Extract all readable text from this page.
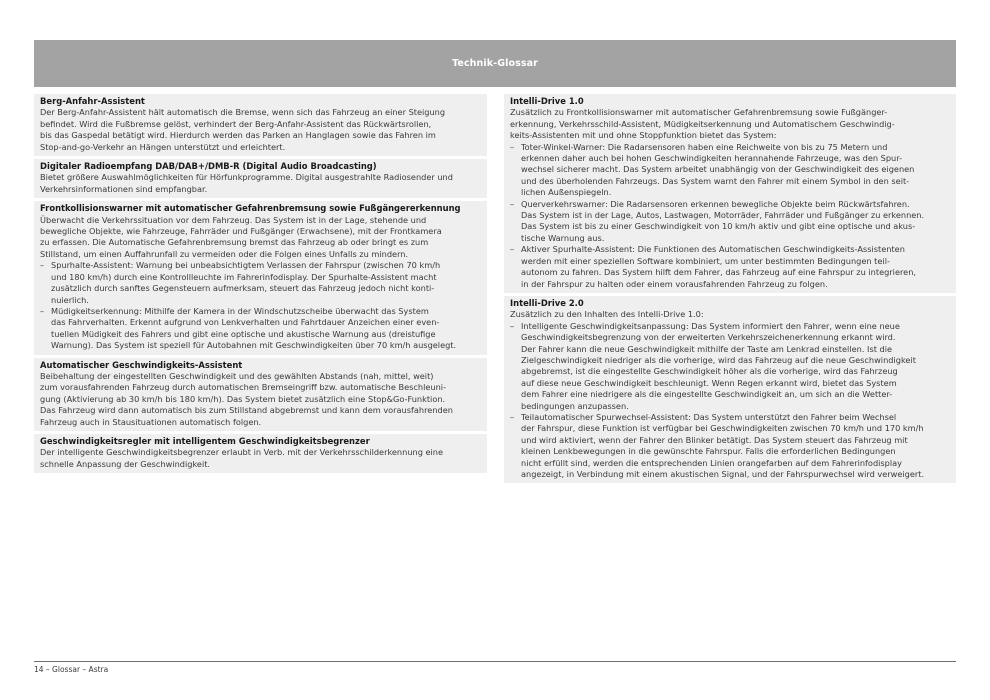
Technik-Glossar
Berg-Anfahr-Assistent
Der Berg-Anfahr-Assistent hält automatisch die Bremse, wenn sich das Fahrzeug an einer Steigung
befindet. Wird die Fußbremse gelöst, verhindert der Berg-Anfahr-Assistent das Rückwärtsrollen,
bis das Gaspedal betätigt wird. Hierdurch werden das Parken an Hanglagen sowie das Fahren im
Stop-and-go-Verkehr an Hängen unterstützt und erleichtert.
Digitaler Radioempfang DAB/DAB+/DMB-R (Digital Audio Broadcasting)
Bietet größere Auswahlmöglichkeiten für Hörfunkprogramme. Digital ausgestrahlte Radiosender und
Verkehrsinformationen sind empfangbar.
Frontkollisionswarner mit automatischer Gefahrenbremsung sowie Fußgängererkennung
Überwacht die Verkehrssituation vor dem Fahrzeug. Das System ist in der Lage, stehende und
bewegliche Objekte, wie Fahrzeuge, Fahrräder und Fußgänger (Erwachsene), mit der Frontkamera
zu erfassen. Die Automatische Gefahrenbremsung bremst das Fahrzeug ab oder bringt es zum
Stillstand, um einen Auffahrunfall zu vermeiden oder die Folgen eines Unfalls zu mindern.
– Spurhalte-Assistent: Warnung bei unbeabsichtigtem Verlassen der Fahrspur (zwischen 70 km/h
und 180 km/h) durch eine Kontrollleuchte im Fahrerinfodisplay. Der Spurhalte-Assistent macht
zusätzlich durch sanftes Gegensteuern aufmerksam, steuert das Fahrzeug jedoch nicht konti-
nuierlich.
– Müdigkeitserkennung: Mithilfe der Kamera in der Windschutzscheibe überwacht das System
das Fahrverhalten. Erkennt aufgrund von Lenkverhalten und Fahrtdauer Anzeichen einer even-
tuellen Müdigkeit des Fahrers und gibt eine optische und akustische Warnung aus (dreistufige
Warnung). Das System ist speziell für Autobahnen mit Geschwindigkeiten über 70 km/h ausgelegt.
Automatischer Geschwindigkeits-Assistent
Beibehaltung der eingestellten Geschwindigkeit und des gewählten Abstands (nah, mittel, weit)
zum vorausfahrenden Fahrzeug durch automatischen Bremseingriff bzw. automatische Beschleuni-
gung (Aktivierung ab 30 km/h bis 180 km/h). Das System bietet zusätzlich eine Stop&Go-Funktion.
Das Fahrzeug wird dann automatisch bis zum Stillstand abgebremst und kann dem vorausfahrenden
Fahrzeug auch in Stausituationen automatisch folgen.
Geschwindigkeitsregler mit intelligentem Geschwindigkeitsbegrenzer
Der intelligente Geschwindigkeitsbegrenzer erlaubt in Verb. mit der Verkehrsschilderkennung eine
schnelle Anpassung der Geschwindigkeit.
Intelli-Drive 1.0
Zusätzlich zu Frontkollisionswarner mit automatischer Gefahrenbremsung sowie Fußgänger-
erkennung, Verkehrsschild-Assistent, Müdigkeitserkennung und Automatischem Geschwindig-
keits-Assistenten mit und ohne Stoppfunktion bietet das System:
– Toter-Winkel-Warner: Die Radarsensoren haben eine Reichweite von bis zu 75 Metern und
erkennen daher auch bei hohen Geschwindigkeiten herannahende Fahrzeuge, was den Spur-
wechsel sicherer macht. Das System arbeitet unabhängig von der Geschwindigkeit des eigenen
und des überholenden Fahrzeugs. Das System warnt den Fahrer mit einem Symbol in den seit-
lichen Außenspiegeln.
– Querverkehrswarner: Die Radarsensoren erkennen bewegliche Objekte beim Rückwärtsfahren.
Das System ist in der Lage, Autos, Lastwagen, Motorräder, Fahrräder und Fußgänger zu erkennen.
Das System ist bis zu einer Geschwindigkeit von 10 km/h aktiv und gibt eine optische und akus-
tische Warnung aus.
– Aktiver Spurhalte-Assistent: Die Funktionen des Automatischen Geschwindigkeits-Assistenten
werden mit einer speziellen Software kombiniert, um unter bestimmten Bedingungen teil-
autonom zu fahren. Das System hilft dem Fahrer, das Fahrzeug auf eine Fahrspur zu integrieren,
in der Fahrspur zu halten oder einem vorausfahrenden Fahrzeug zu folgen.
Intelli-Drive 2.0
Zusätzlich zu den Inhalten des Intelli-Drive 1.0:
– Intelligente Geschwindigkeitsanpassung: Das System informiert den Fahrer, wenn eine neue
Geschwindigkeitsbegrenzung von der erweiterten Verkehrszeichenerkennung erkannt wird.
Der Fahrer kann die neue Geschwindigkeit mithilfe der Taste am Lenkrad einstellen. Ist die
Zielgeschwindigkeit niedriger als die vorherige, wird das Fahrzeug auf die neue Geschwindigkeit
abgebremst, ist die eingestellte Geschwindigkeit höher als die vorherige, wird das Fahrzeug
auf diese neue Geschwindigkeit beschleunigt. Wenn Regen erkannt wird, bietet das System
dem Fahrer eine niedrigere als die eingestellte Geschwindigkeit an, um sich an die Wetter-
bedingungen anzupassen.
– Teilautomatischer Spurwechsel-Assistent: Das System unterstützt den Fahrer beim Wechsel
der Fahrspur, diese Funktion ist verfügbar bei Geschwindigkeiten zwischen 70 km/h und 170 km/h
und wird aktiviert, wenn der Fahrer den Blinker betätigt. Das System steuert das Fahrzeug mit
kleinen Lenkbewegungen in die gewünschte Fahrspur. Falls die erforderlichen Bedingungen
nicht erfüllt sind, werden die entsprechenden Linien orangefarben auf dem Fahrerinfodisplay
angezeigt, in Verbindung mit einem akustischen Signal, und der Fahrspurwechsel wird verweigert.
14 – Glossar – Astra
